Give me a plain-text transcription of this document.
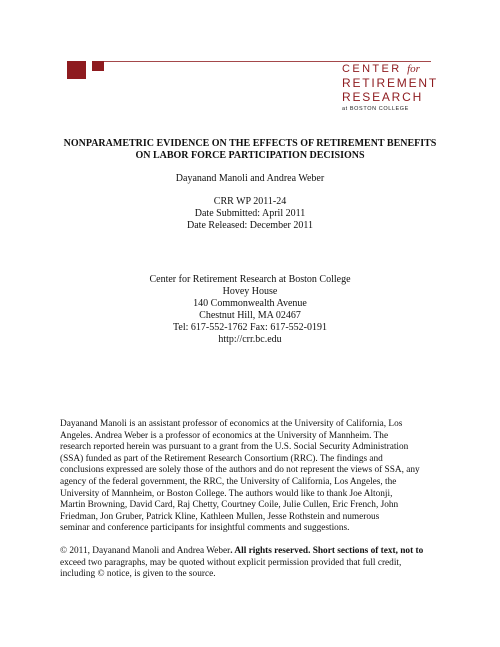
CENTER for
RETIREMENT
RESEARCH
at BOSTON COLLEGE
NONPARAMETRIC EVIDENCE ON THE EFFECTS OF RETIREMENT BENEFITS
ON LABOR FORCE PARTICIPATION DECISIONS
Dayanand Manoli and Andrea Weber
CRR WP 2011-24
Date Submitted: April 2011
Date Released: December 2011
Center for Retirement Research at Boston College
Hovey House
140 Commonwealth Avenue
Chestnut Hill, MA 02467
Tel: 617-552-1762 Fax: 617-552-0191
http://crr.bc.edu
Dayanand Manoli is an assistant professor of economics at the University of California, Los
Angeles. Andrea Weber is a professor of economics at the University of Mannheim. The
research reported herein was pursuant to a grant from the U.S. Social Security Administration
(SSA) funded as part of the Retirement Research Consortium (RRC). The findings and
conclusions expressed are solely those of the authors and do not represent the views of SSA, any
agency of the federal government, the RRC, the University of California, Los Angeles, the
University of Mannheim, or Boston College. The authors would like to thank Joe Altonji,
Martin Browning, David Card, Raj Chetty, Courtney Coile, Julie Cullen, Eric French, John
Friedman, Jon Gruber, Patrick Kline, Kathleen Mullen, Jesse Rothstein and numerous
seminar and conference participants for insightful comments and suggestions.
© 2011, Dayanand Manoli and Andrea Weber. All rights reserved. Short sections of text, not to
exceed two paragraphs, may be quoted without explicit permission provided that full credit,
including © notice, is given to the source.
